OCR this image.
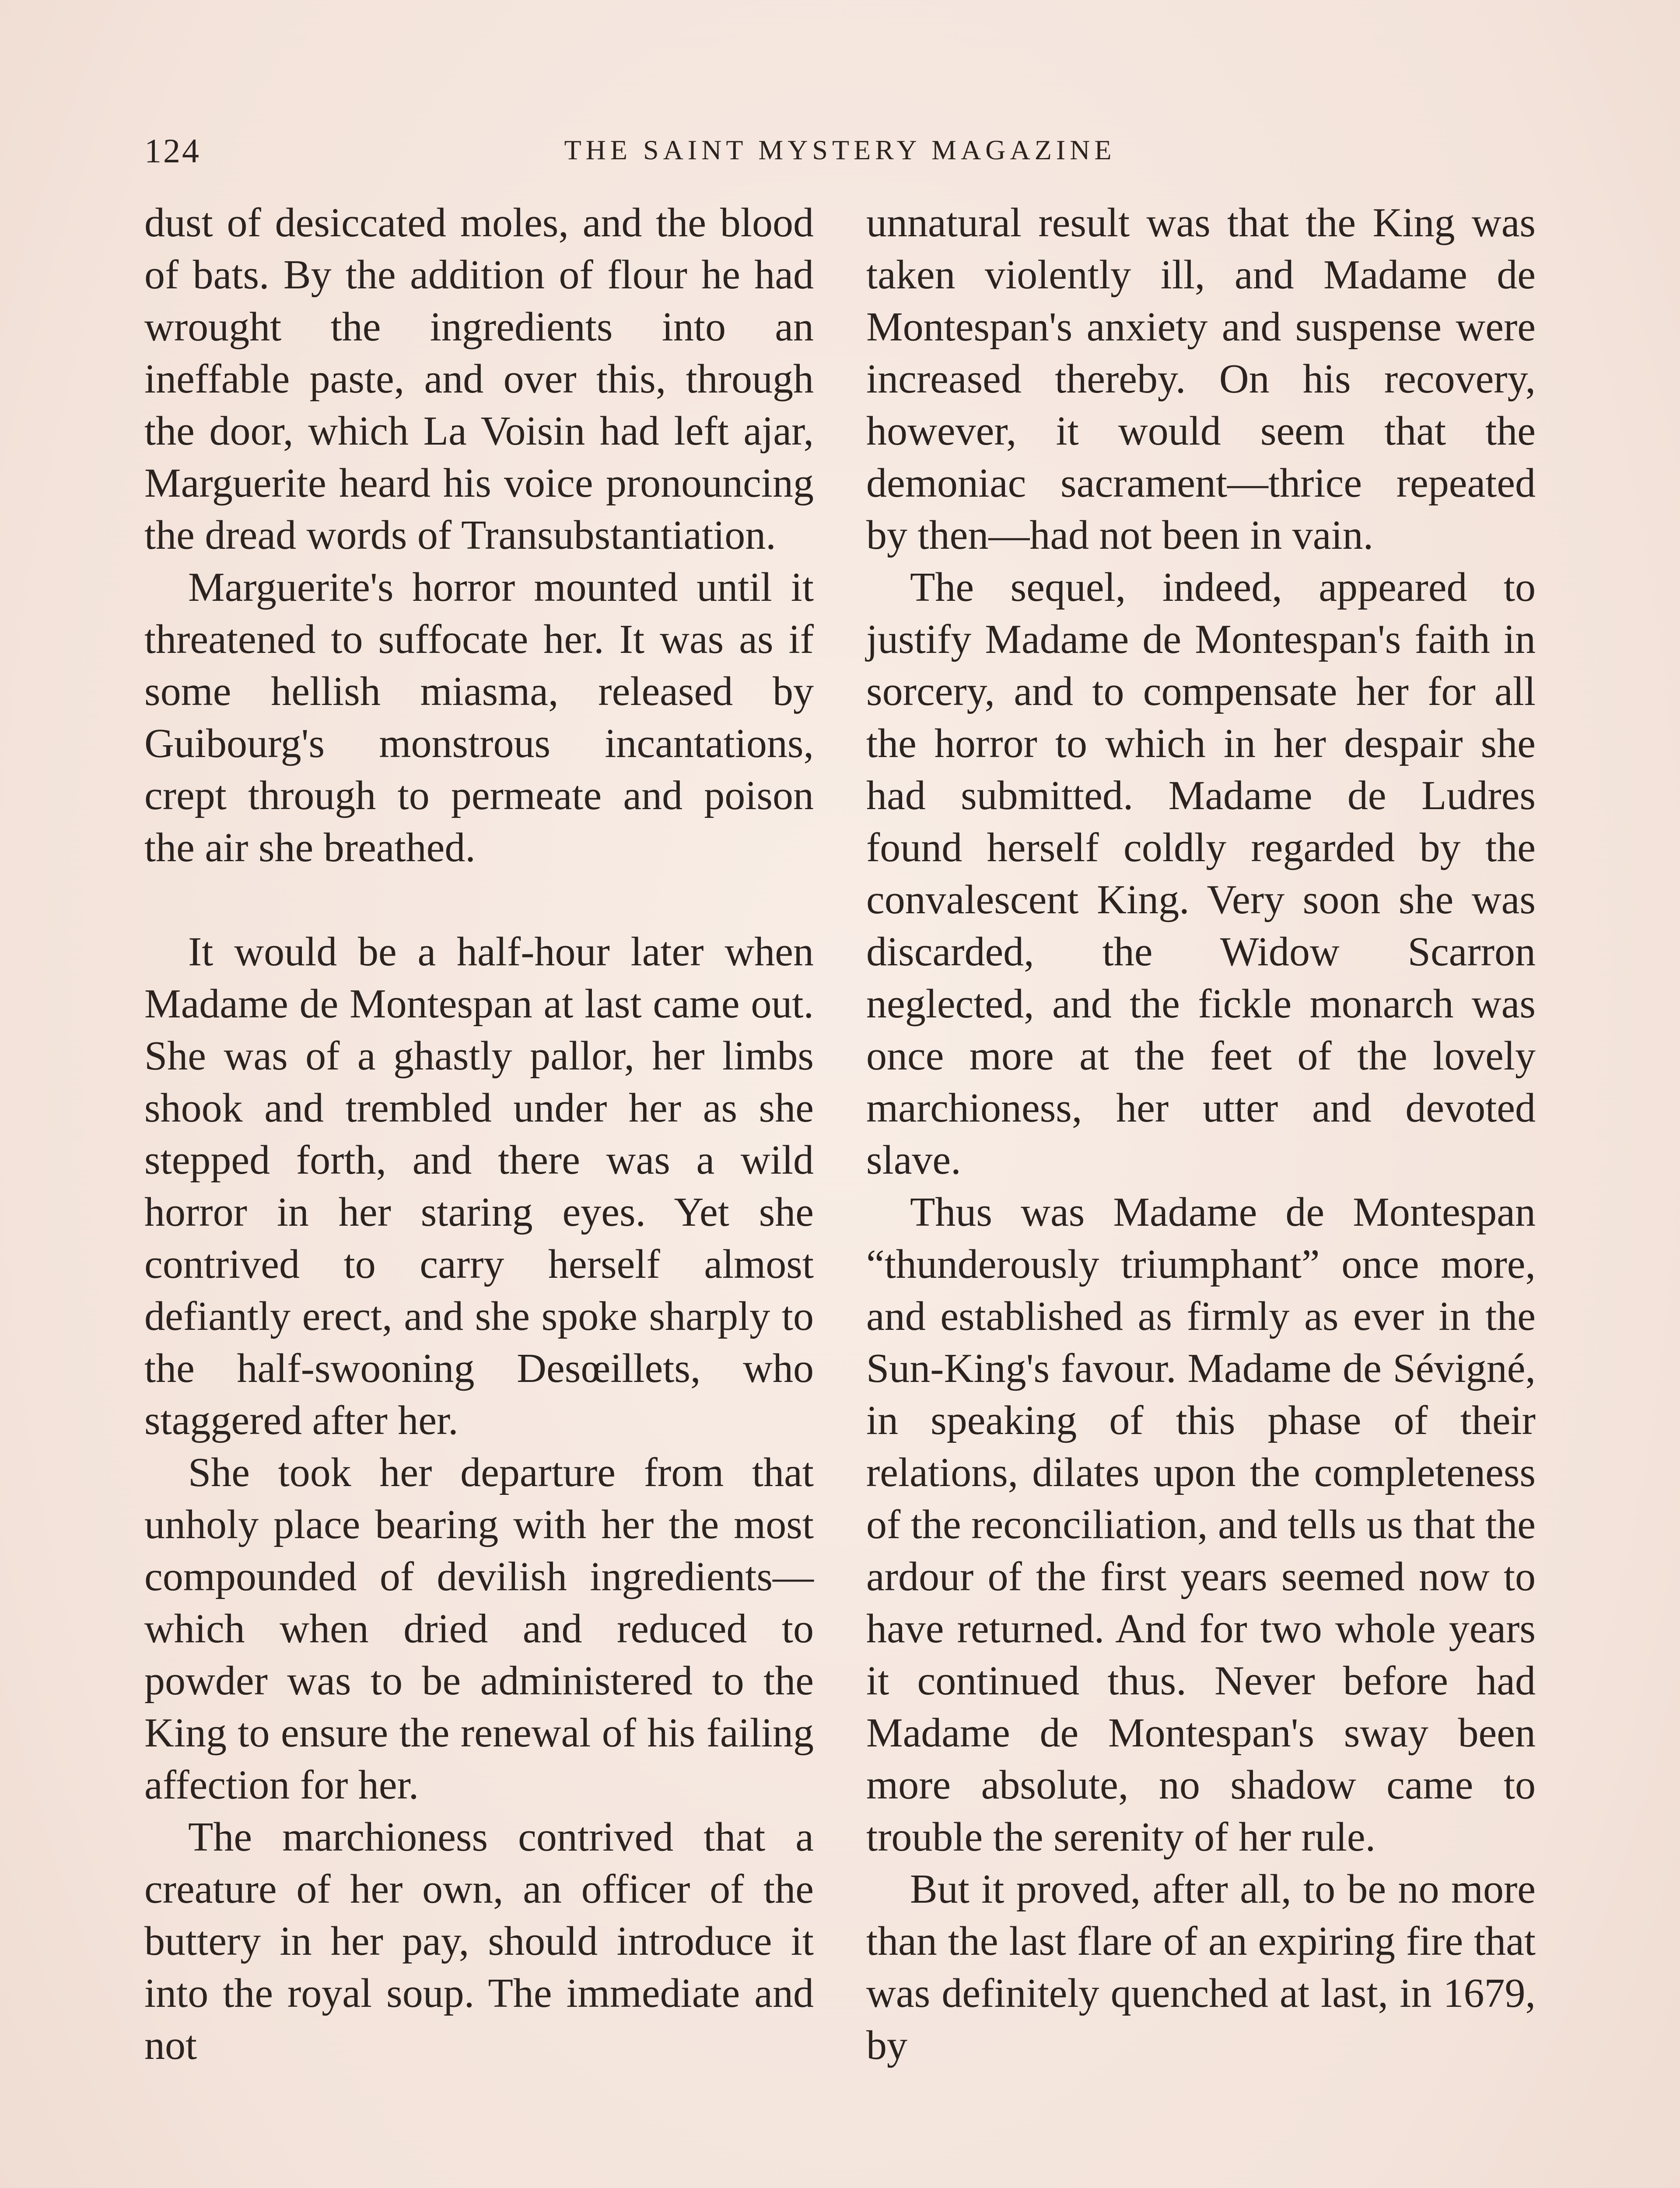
124	THE SAINT MYSTERY MAGAZINE

dust of desiccated moles, and the blood of bats. By the addition of flour he had wrought the ingredients into an ineffable paste, and over this, through the door, which La Voisin had left ajar, Marguerite heard his voice pronouncing the dread words of Transubstantiation.

Marguerite's horror mounted until it threatened to suffocate her. It was as if some hellish miasma, released by Guibourg's monstrous incantations, crept through to permeate and poison the air she breathed.

It would be a half-hour later when Madame de Montespan at last came out. She was of a ghastly pallor, her limbs shook and trembled under her as she stepped forth, and there was a wild horror in her staring eyes. Yet she contrived to carry herself almost defiantly erect, and she spoke sharply to the half-swooning Desœillets, who staggered after her.

She took her departure from that unholy place bearing with her the most compounded of devilish ingredients—which when dried and reduced to powder was to be administered to the King to ensure the renewal of his failing affection for her.

The marchioness contrived that a creature of her own, an officer of the buttery in her pay, should introduce it into the royal soup. The immediate and not

unnatural result was that the King was taken violently ill, and Madame de Montespan's anxiety and suspense were increased thereby. On his recovery, however, it would seem that the demoniac sacrament—thrice repeated by then—had not been in vain.

The sequel, indeed, appeared to justify Madame de Montespan's faith in sorcery, and to compensate her for all the horror to which in her despair she had submitted. Madame de Ludres found herself coldly regarded by the convalescent King. Very soon she was discarded, the Widow Scarron neglected, and the fickle monarch was once more at the feet of the lovely marchioness, her utter and devoted slave.

Thus was Madame de Montespan “thunderously triumphant” once more, and established as firmly as ever in the Sun-King's favour. Madame de Sévigné, in speaking of this phase of their relations, dilates upon the completeness of the reconciliation, and tells us that the ardour of the first years seemed now to have returned. And for two whole years it continued thus. Never before had Madame de Montespan's sway been more absolute, no shadow came to trouble the serenity of her rule.

But it proved, after all, to be no more than the last flare of an expiring fire that was definitely quenched at last, in 1679, by
